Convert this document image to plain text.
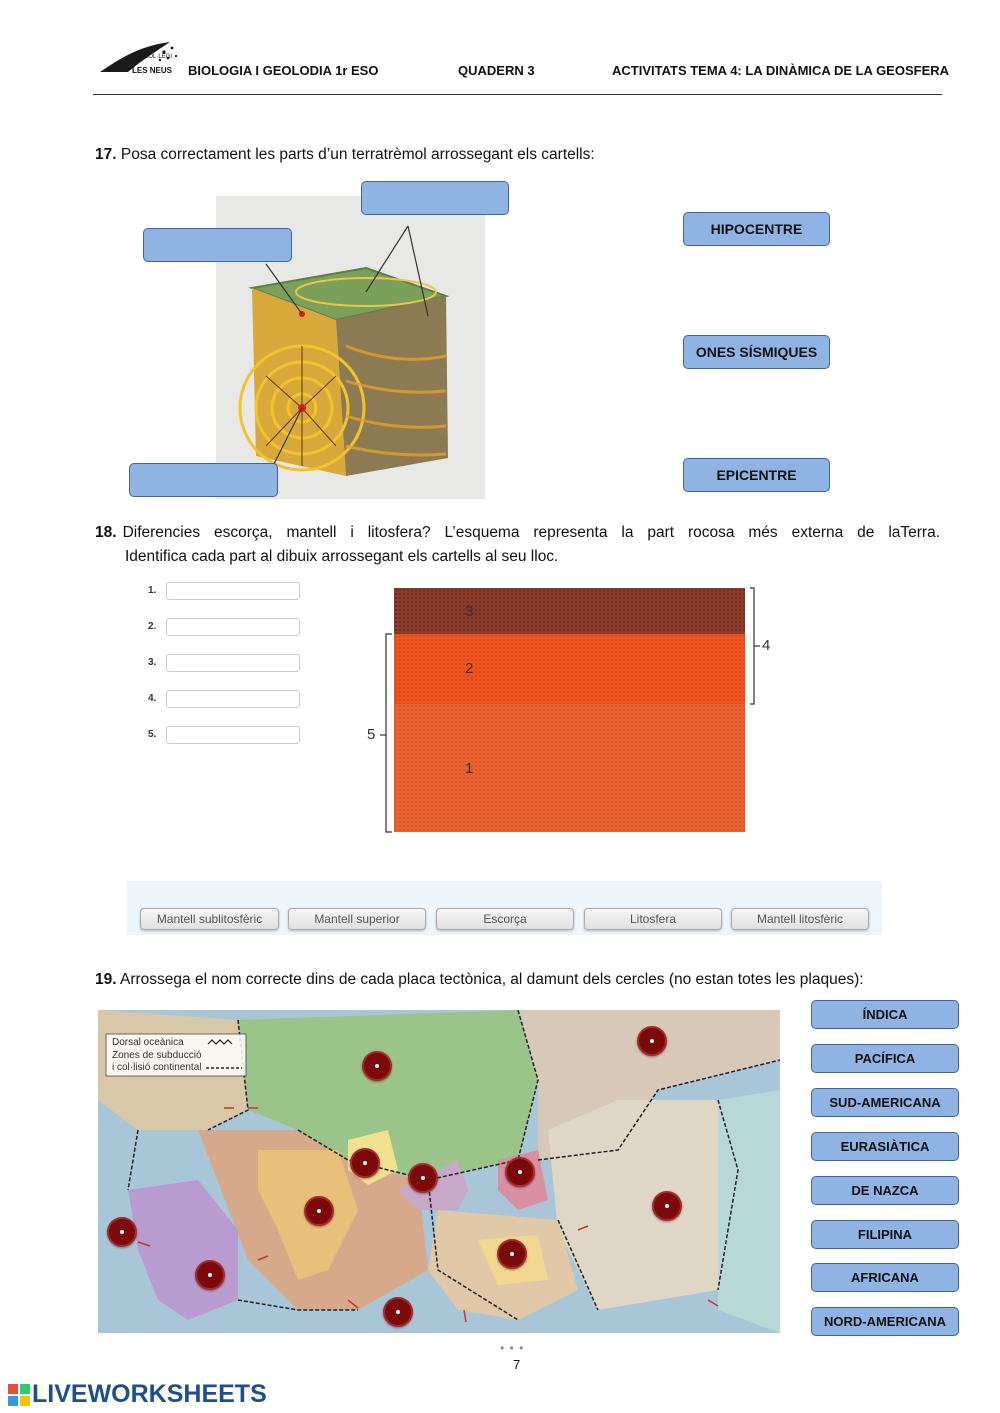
COL·LEGI
LES NEUS BIOLOGIA I GEOLODIA 1r ESO	QUADERN 3	ACTIVITATS TEMA 4: LA DINÀMICA DE LA GEOSFERA
17. Posa correctament les parts d’un terratrèmol arrossegant els cartells:
HIPOCENTRE
ONES SÍSMIQUES
EPICENTRE
18. Diferencies escorça, mantell i litosfera? L’esquema representa la part rocosa més externa de laTerra.
Identifica cada part al dibuix arrossegant els cartells al seu lloc.
1.
2.
3.
4.
5.
3
2
1
4
5
Mantell sublitosfèric	Mantell superior	Escorça	Litosfera	Mantell litosfèric
19. Arrossega el nom correcte dins de cada placa tectònica, al damunt dels cercles (no estan totes les plaques):
Dorsal oceànica
Zones de subducció
i col·lisió continental
ÍNDICA
PACÍFICA
SUD-AMERICANA
EURASIÀTICA
DE NAZCA
FILIPINA
AFRICANA
NORD-AMERICANA
• • •
7
LIVEWORKSHEETS
